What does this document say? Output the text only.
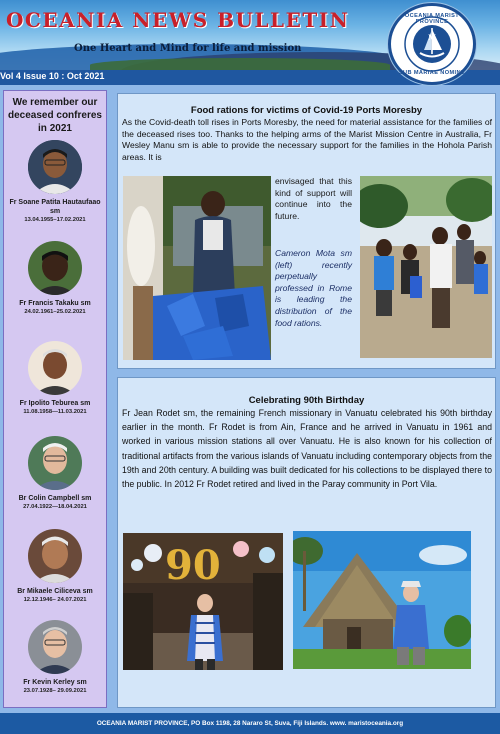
OCEANIA NEWS BULLETIN
One Heart and Mind for life and mission
M
OCEANIA MARIST PROVINCE
SUB MARIAE NOMINE
Vol 4 Issue 10 : Oct 2021
We remember our deceased confreres in 2021
Fr Soane Patita Hautaufaao sm
13.04.1955–17.02.2021
Fr Francis Takaku sm
24.02.1961–25.02.2021
Fr Ipolito Teburea sm
11.08.1958—11.03.2021
Br Colin Campbell sm
27.04.1922—18.04.2021
Br Mikaele Ciliceva sm
12.12.1946– 24.07.2021
Fr Kevin Kerley sm
23.07.1928– 29.09.2021
Food rations for victims of Covid-19 Ports Moresby
As the Covid-death toll rises in Ports Moresby, the need for material assistance for the families of the deceased rises too. Thanks to the helping arms of the Marist Mission Centre in Australia, Fr Wesley Manu sm is able to provide the necessary support for the families in the Hohola Parish areas. It is
envisaged that this kind of support will continue into the future.
Cameron Mota sm (left) recently perpetually professed in Rome is leading the distribution of the food rations.
Celebrating 90th Birthday
Fr Jean Rodet sm, the remaining French missionary in Vanuatu celebrated his 90th birthday earlier in the month. Fr Rodet is from Ain, France and he arrived in Vanuatu in 1961 and worked in various mission stations all over Vanuatu. He is also known for his collection of traditional artifacts from the various islands of Vanuatu including contemporary objects from the 19th and 20th century. A building was built dedicated for his collections to be displayed there to the public. In 2012 Fr Rodet retired and lived in the Paray community in Port Vila.
90
OCEANIA MARIST PROVINCE, PO Box 1198, 28 Nararo St, Suva, Fiji Islands. www. maristoceania.org
